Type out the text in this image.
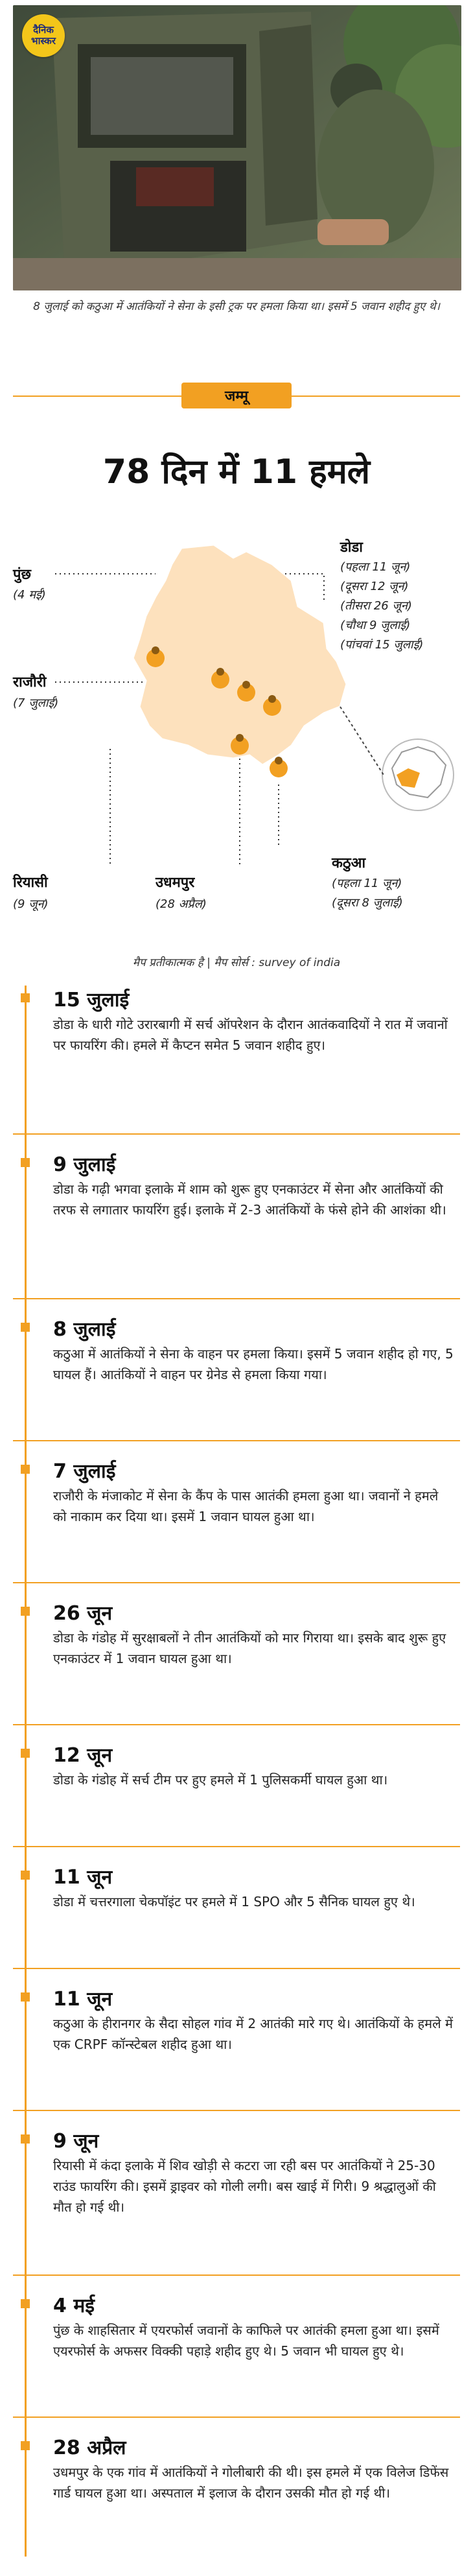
दैनिक
भास्कर
8 जुलाई को कठुआ में आतंकियों ने सेना के इसी ट्रक पर हमला किया था। इसमें 5 जवान शहीद हुए थे।
जम्मू
78 दिन में 11 हमले
पुंछ
(4 मई)
डोडा
(पहला 11 जून)
(दूसरा 12 जून)
(तीसरा 26 जून)
(चौथा 9 जुलाई)
(पांचवां 15 जुलाई)
राजौरी
(7 जुलाई)
रियासी
(9 जून)
उधमपुर
(28 अप्रैल)
कठुआ
(पहला 11 जून)
(दूसरा 8 जुलाई)
मैप प्रतीकात्मक है | मैप सोर्स : survey of india
15 जुलाई
डोडा के धारी गोटे उरारबागी में सर्च ऑपरेशन के दौरान आतंकवादियों ने रात में जवानों पर फायरिंग की। हमले में कैप्टन समेत 5 जवान शहीद हुए।
9 जुलाई
डोडा के गढ़ी भगवा इलाके में शाम को शुरू हुए एनकाउंटर में सेना और आतंकियों की तरफ से लगातार फायरिंग हुई। इलाके में 2-3 आतंकियों के फंसे होने की आशंका थी।
8 जुलाई
कठुआ में आतंकियों ने सेना के वाहन पर हमला किया। इसमें 5 जवान शहीद हो गए, 5 घायल हैं। आतंकियों ने वाहन पर ग्रेनेड से हमला किया गया।
7 जुलाई
राजौरी के मंजाकोट में सेना के कैंप के पास आतंकी हमला हुआ था। जवानों ने हमले को नाकाम कर दिया था। इसमें 1 जवान घायल हुआ था।
26 जून
डोडा के गंडोह में सुरक्षाबलों ने तीन आतंकियों को मार गिराया था। इसके बाद शुरू हुए एनकाउंटर में 1 जवान घायल हुआ था।
12 जून
डोडा के गंडोह में सर्च टीम पर हुए हमले में 1 पुलिसकर्मी घायल हुआ था।
11 जून
डोडा में चत्तरगाला चेकपॉइंट पर हमले में 1 SPO और 5 सैनिक घायल हुए थे।
11 जून
कठुआ के हीरानगर के सैदा सोहल गांव में 2 आतंकी मारे गए थे। आतंकियों के हमले में एक CRPF कॉन्स्टेबल शहीद हुआ था।
9 जून
रियासी में कंदा इलाके में शिव खोड़ी से कटरा जा रही बस पर आतंकियों ने 25-30 राउंड फायरिंग की। इसमें ड्राइवर को गोली लगी। बस खाई में गिरी। 9 श्रद्धालुओं की मौत हो गई थी।
4 मई
पुंछ के शाहसितार में एयरफोर्स जवानों के काफिले पर आतंकी हमला हुआ था। इसमें एयरफोर्स के अफसर विक्की पहाड़े शहीद हुए थे। 5 जवान भी घायल हुए थे।
28 अप्रैल
उधमपुर के एक गांव में आतंकियों ने गोलीबारी की थी। इस हमले में एक विलेज डिफेंस गार्ड घायल हुआ था। अस्पताल में इलाज के दौरान उसकी मौत हो गई थी।
